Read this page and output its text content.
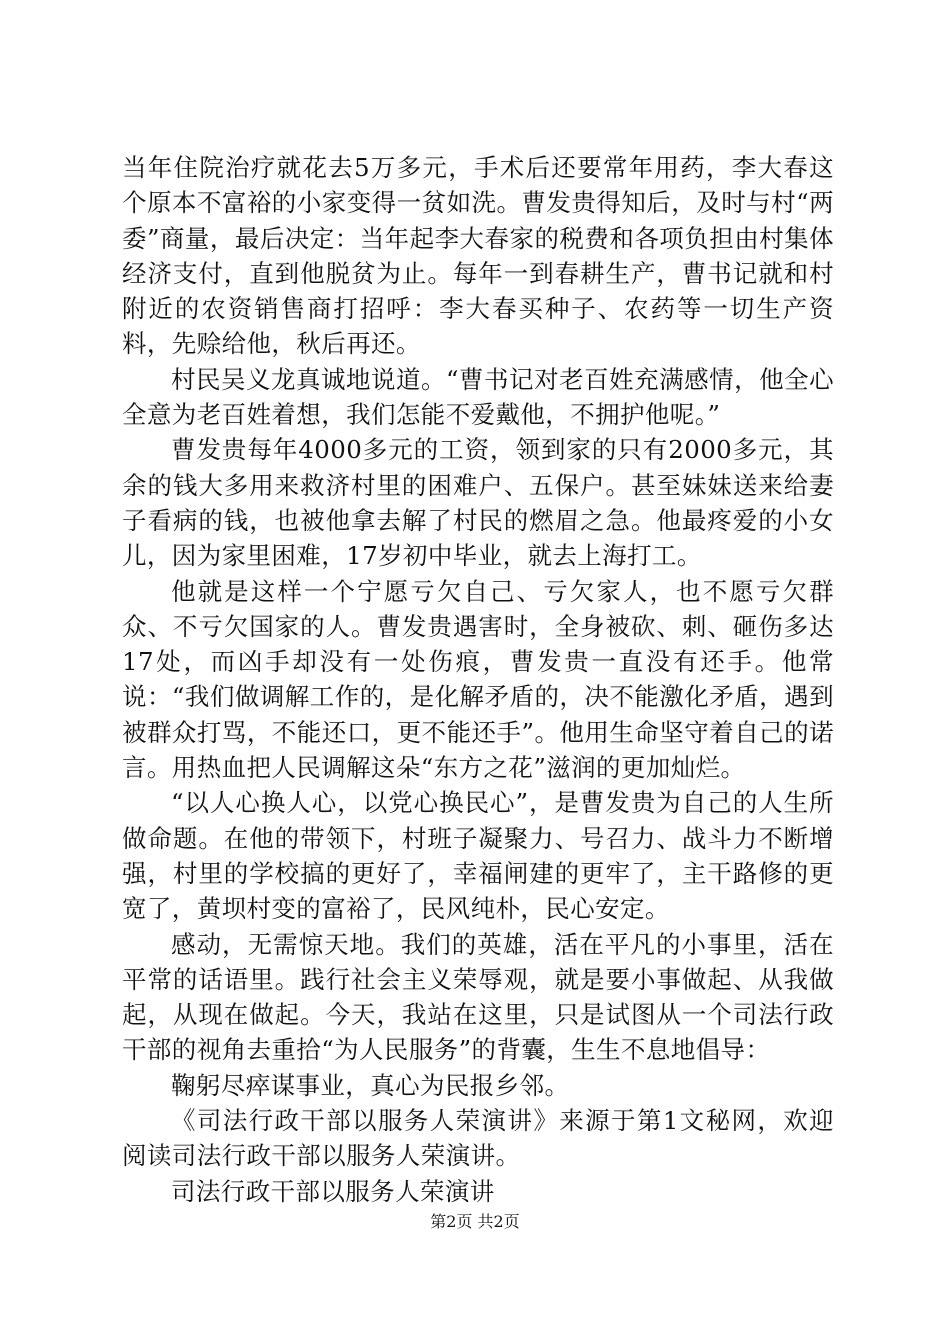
当年住院治疗就花去5万多元，手术后还要常年用药，李大春这个原本不富裕的小家变得一贫如洗。曹发贵得知后，及时与村“两委”商量，最后决定：当年起李大春家的税费和各项负担由村集体经济支付，直到他脱贫为止。每年一到春耕生产，曹书记就和村附近的农资销售商打招呼：李大春买种子、农药等一切生产资料，先赊给他，秋后再还。

村民吴义龙真诚地说道。“曹书记对老百姓充满感情，他全心全意为老百姓着想，我们怎能不爱戴他，不拥护他呢。”

曹发贵每年4000多元的工资，领到家的只有2000多元，其余的钱大多用来救济村里的困难户、五保户。甚至妹妹送来给妻子看病的钱，也被他拿去解了村民的燃眉之急。他最疼爱的小女儿，因为家里困难，17岁初中毕业，就去上海打工。

他就是这样一个宁愿亏欠自己、亏欠家人，也不愿亏欠群众、不亏欠国家的人。曹发贵遇害时，全身被砍、刺、砸伤多达17处，而凶手却没有一处伤痕，曹发贵一直没有还手。他常说：“我们做调解工作的，是化解矛盾的，决不能激化矛盾，遇到被群众打骂，不能还口，更不能还手”。他用生命坚守着自己的诺言。用热血把人民调解这朵“东方之花”滋润的更加灿烂。

“以人心换人心，以党心换民心”，是曹发贵为自己的人生所做命题。在他的带领下，村班子凝聚力、号召力、战斗力不断增强，村里的学校搞的更好了，幸福闸建的更牢了，主干路修的更宽了，黄坝村变的富裕了，民风纯朴，民心安定。

感动，无需惊天地。我们的英雄，活在平凡的小事里，活在平常的话语里。践行社会主义荣辱观，就是要小事做起、从我做起，从现在做起。今天，我站在这里，只是试图从一个司法行政干部的视角去重拾“为人民服务”的背囊，生生不息地倡导：

鞠躬尽瘁谋事业，真心为民报乡邻。

《司法行政干部以服务人荣演讲》来源于第1文秘网，欢迎阅读司法行政干部以服务人荣演讲。

司法行政干部以服务人荣演讲

第2页 共2页
